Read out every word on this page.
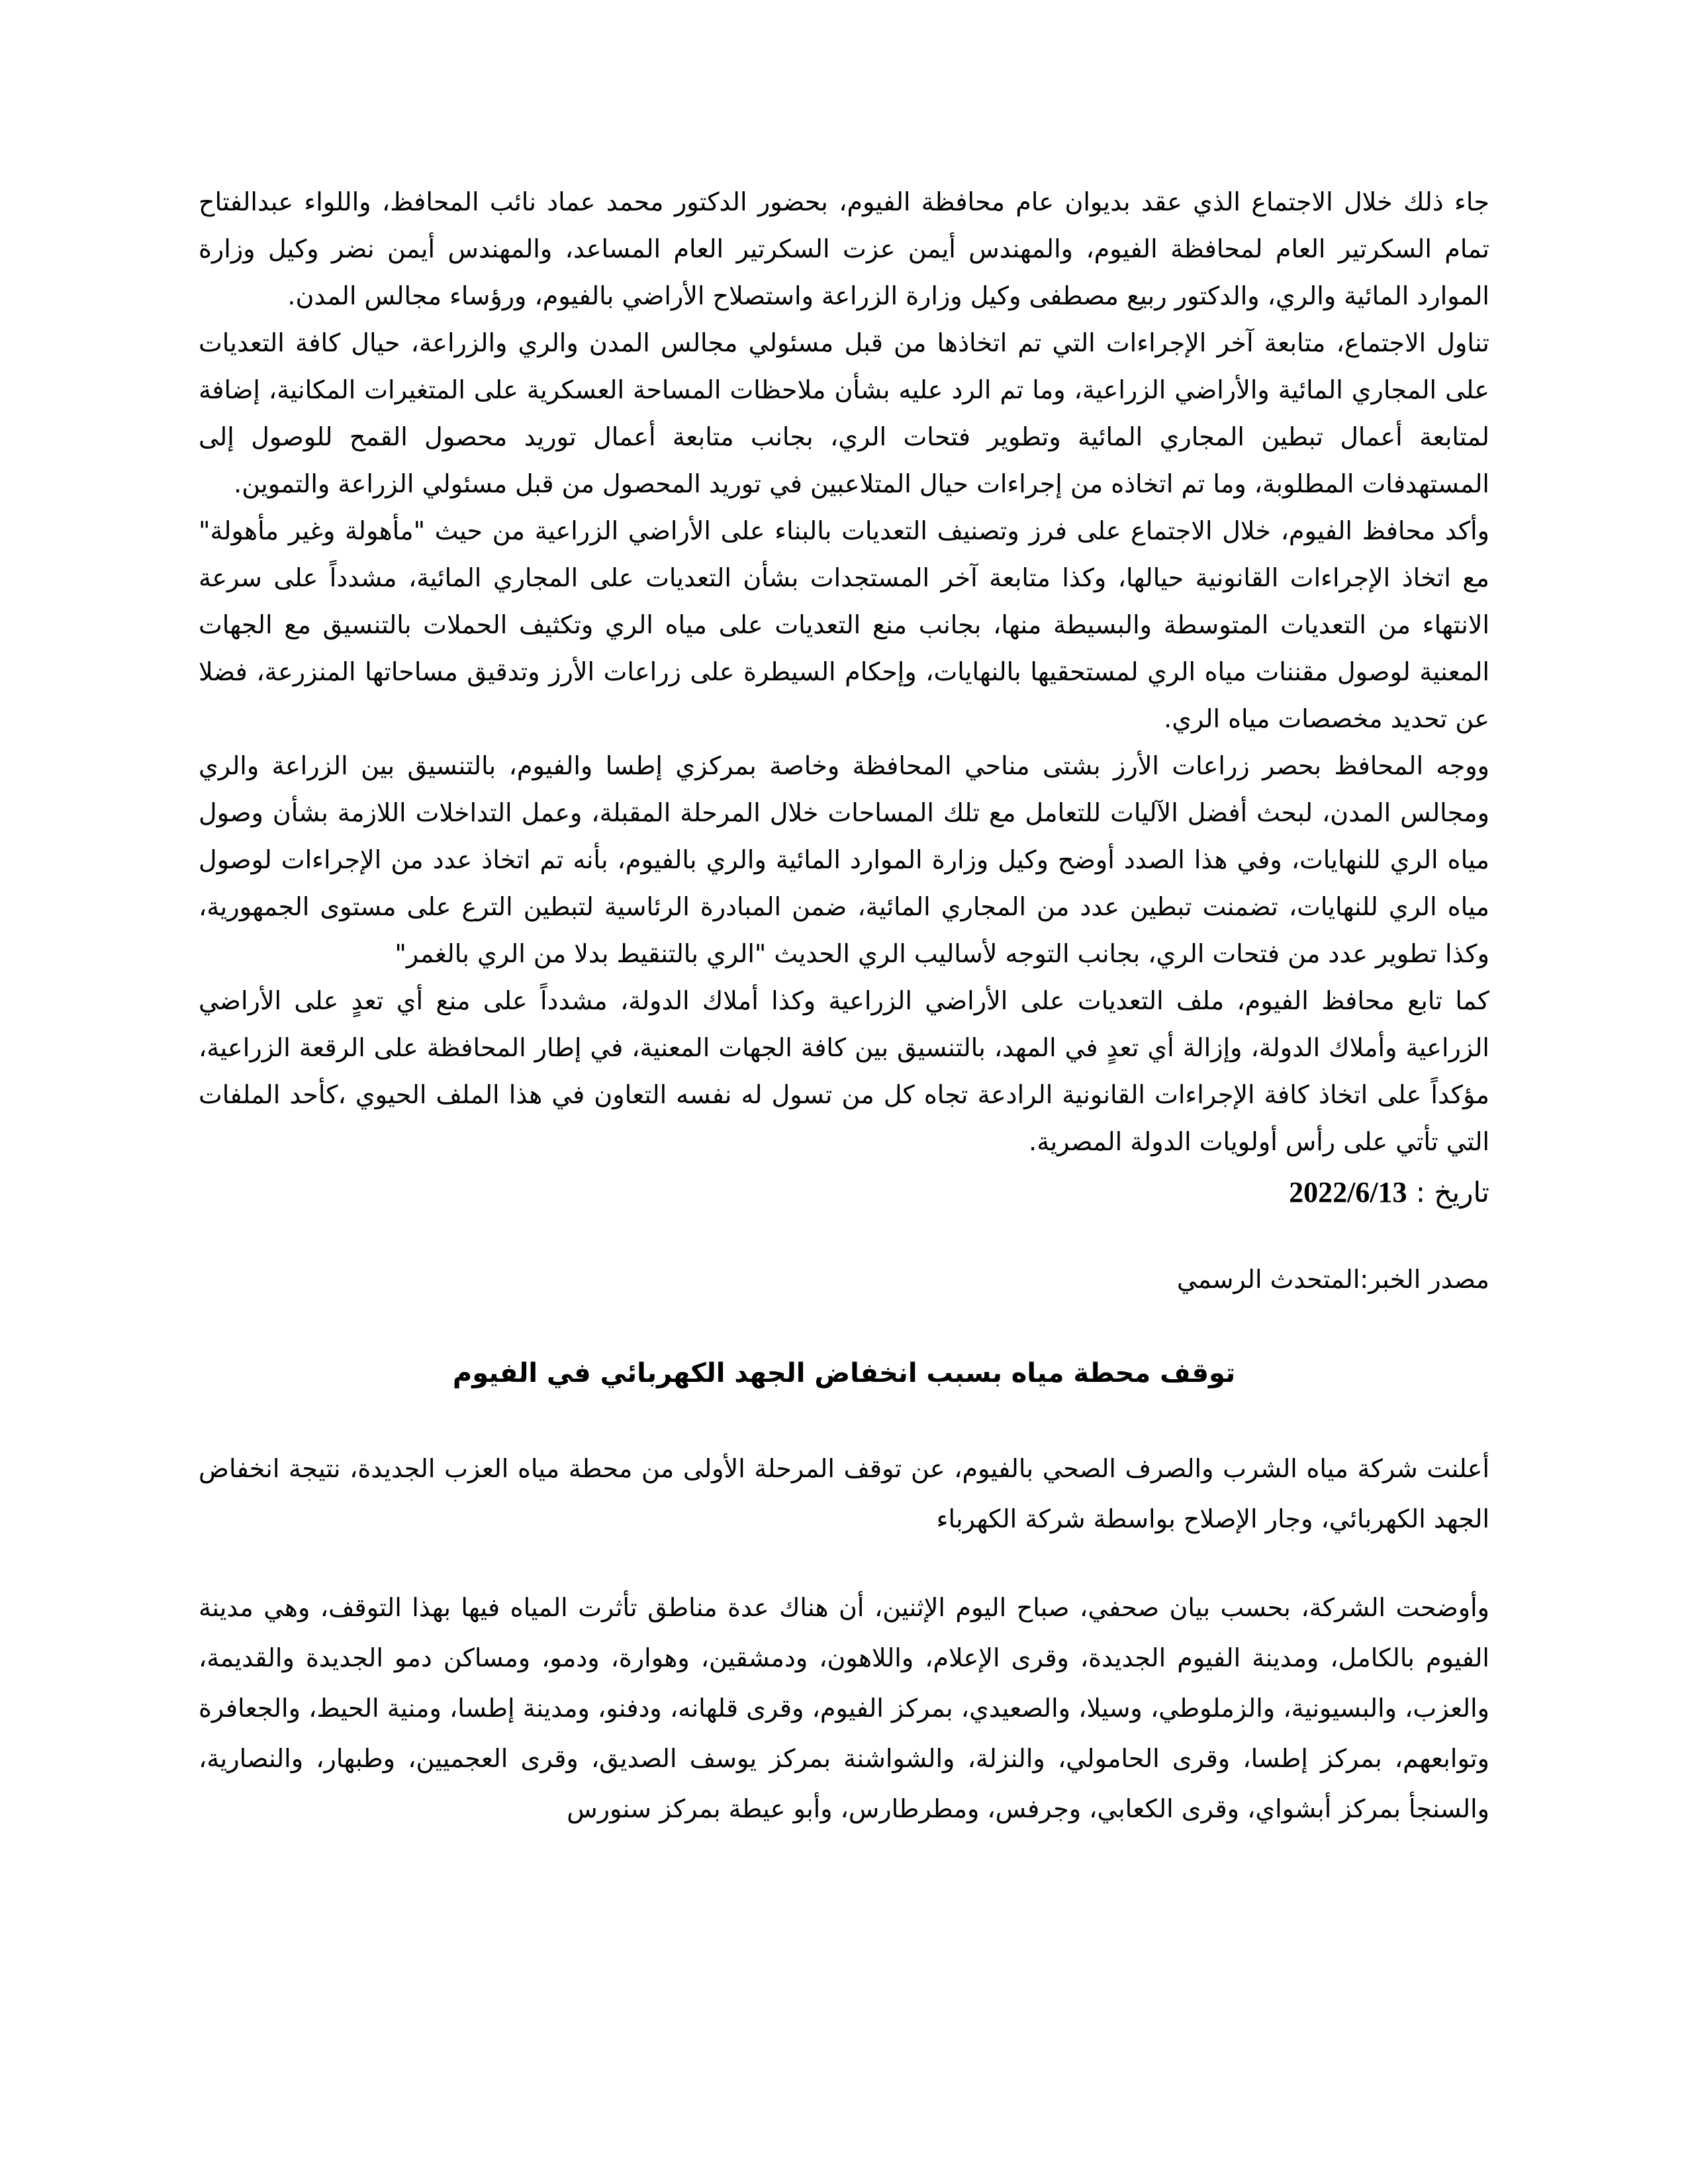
جاء ذلك خلال الاجتماع الذي عقد بديوان عام محافظة الفيوم، بحضور الدكتور محمد عماد نائب المحافظ، واللواء عبدالفتاح تمام السكرتير العام لمحافظة الفيوم، والمهندس أيمن عزت السكرتير العام المساعد، والمهندس أيمن نضر وكيل وزارة الموارد المائية والري، والدكتور ربيع مصطفى وكيل وزارة الزراعة واستصلاح الأراضي بالفيوم، ورؤساء مجالس المدن.

تناول الاجتماع، متابعة آخر الإجراءات التي تم اتخاذها من قبل مسئولي مجالس المدن والري والزراعة، حيال كافة التعديات على المجاري المائية والأراضي الزراعية، وما تم الرد عليه بشأن ملاحظات المساحة العسكرية على المتغيرات المكانية، إضافة لمتابعة أعمال تبطين المجاري المائية وتطوير فتحات الري، بجانب متابعة أعمال توريد محصول القمح للوصول إلى المستهدفات المطلوبة، وما تم اتخاذه من إجراءات حيال المتلاعبين في توريد المحصول من قبل مسئولي الزراعة والتموين.

وأكد محافظ الفيوم، خلال الاجتماع على فرز وتصنيف التعديات بالبناء على الأراضي الزراعية من حيث "مأهولة وغير مأهولة" مع اتخاذ الإجراءات القانونية حيالها، وكذا متابعة آخر المستجدات بشأن التعديات على المجاري المائية، مشدداً على سرعة الانتهاء من التعديات المتوسطة والبسيطة منها، بجانب منع التعديات على مياه الري وتكثيف الحملات بالتنسيق مع الجهات المعنية لوصول مقننات مياه الري لمستحقيها بالنهايات، وإحكام السيطرة على زراعات الأرز وتدقيق مساحاتها المنزرعة، فضلا عن تحديد مخصصات مياه الري.

ووجه المحافظ بحصر زراعات الأرز بشتى مناحي المحافظة وخاصة بمركزي إطسا والفيوم، بالتنسيق بين الزراعة والري ومجالس المدن، لبحث أفضل الآليات للتعامل مع تلك المساحات خلال المرحلة المقبلة، وعمل التداخلات اللازمة بشأن وصول مياه الري للنهايات، وفي هذا الصدد أوضح وكيل وزارة الموارد المائية والري بالفيوم، بأنه تم اتخاذ عدد من الإجراءات لوصول مياه الري للنهايات، تضمنت تبطين عدد من المجاري المائية، ضمن المبادرة الرئاسية لتبطين الترع على مستوى الجمهورية، وكذا تطوير عدد من فتحات الري، بجانب التوجه لأساليب الري الحديث "الري بالتنقيط بدلا من الري بالغمر"

كما تابع محافظ الفيوم، ملف التعديات على الأراضي الزراعية وكذا أملاك الدولة، مشدداً على منع أي تعدٍ على الأراضي الزراعية وأملاك الدولة، وإزالة أي تعدٍ في المهد، بالتنسيق بين كافة الجهات المعنية، في إطار المحافظة على الرقعة الزراعية، مؤكداً على اتخاذ كافة الإجراءات القانونية الرادعة تجاه كل من تسول له نفسه التعاون في هذا الملف الحيوي ،كأحد الملفات التي تأتي على رأس أولويات الدولة المصرية.

تاريخ : 2022/6/13

مصدر الخبر:المتحدث الرسمي

توقف محطة مياه بسبب انخفاض الجهد الكهربائي في الفيوم

أعلنت شركة مياه الشرب والصرف الصحي بالفيوم، عن توقف المرحلة الأولى من محطة مياه العزب الجديدة، نتيجة انخفاض الجهد الكهربائي، وجار الإصلاح بواسطة شركة الكهرباء

وأوضحت الشركة، بحسب بيان صحفي، صباح اليوم الإثنين، أن هناك عدة مناطق تأثرت المياه فيها بهذا التوقف، وهي مدينة الفيوم بالكامل، ومدينة الفيوم الجديدة، وقرى الإعلام، واللاهون، ودمشقين، وهوارة، ودمو، ومساكن دمو الجديدة والقديمة، والعزب، والبسيونية، والزملوطي، وسيلا، والصعيدي، بمركز الفيوم، وقرى قلهانه، ودفنو، ومدينة إطسا، ومنية الحيط، والجعافرة وتوابعهم، بمركز إطسا، وقرى الحامولي، والنزلة، والشواشنة بمركز يوسف الصديق، وقرى العجميين، وطبهار، والنصارية، والسنجأ بمركز أبشواي، وقرى الكعابي، وجرفس، ومطرطارس، وأبو عيطة بمركز سنورس
